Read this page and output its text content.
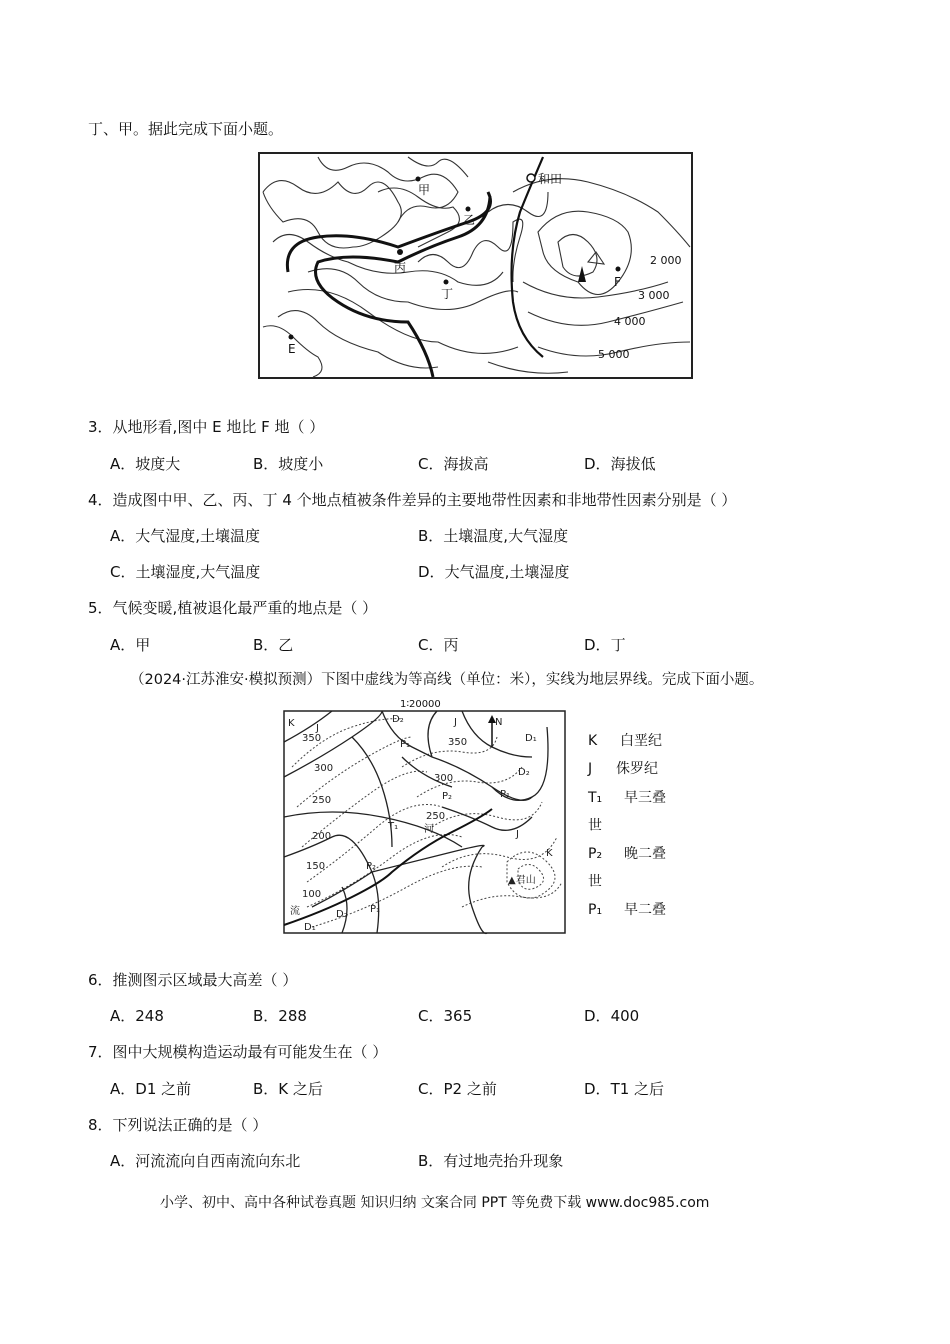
丁、甲。据此完成下面小题。
甲
乙
丙
丁
E
F
和田
2 000
3 000
4 000
5 000
3．从地形看,图中 E 地比 F 地（ ）
A．坡度大	B．坡度小	C．海拔高	D．海拔低
4．造成图中甲、乙、丙、丁 4 个地点植被条件差异的主要地带性因素和非地带性因素分别是（ ）
A．大气湿度,土壤温度	B．土壤温度,大气湿度
C．土壤湿度,大气温度	D．大气温度,土壤湿度
5．气候变暖,植被退化最严重的地点是（ ）
A．甲	B．乙	C．丙	D．丁
（2024·江苏淮安·模拟预测）下图中虚线为等高线（单位：米），实线为地层界线。完成下面小题。
1∶20000
N
K J
D₂	J
D₁
P₁
D₂
P₂	P₁
T₁
J
K
P₂
P₁
D₂
D₁
350
300
250
200
150
100
350
300
250
河
流
▲君山
K 白垩纪
J 侏罗纪
T₁ 早三叠
世
P₂ 晚二叠
世
P₁ 早二叠
6．推测图示区域最大高差（ ）
A．248	B．288	C．365	D．400
7．图中大规模构造运动最有可能发生在（ ）
A．D1 之前	B．K 之后	C．P2 之前	D．T1 之后
8．下列说法正确的是（ ）
A．河流流向自西南流向东北	B．有过地壳抬升现象
小学、初中、高中各种试卷真题 知识归纳 文案合同 PPT 等免费下载 www.doc985.com
